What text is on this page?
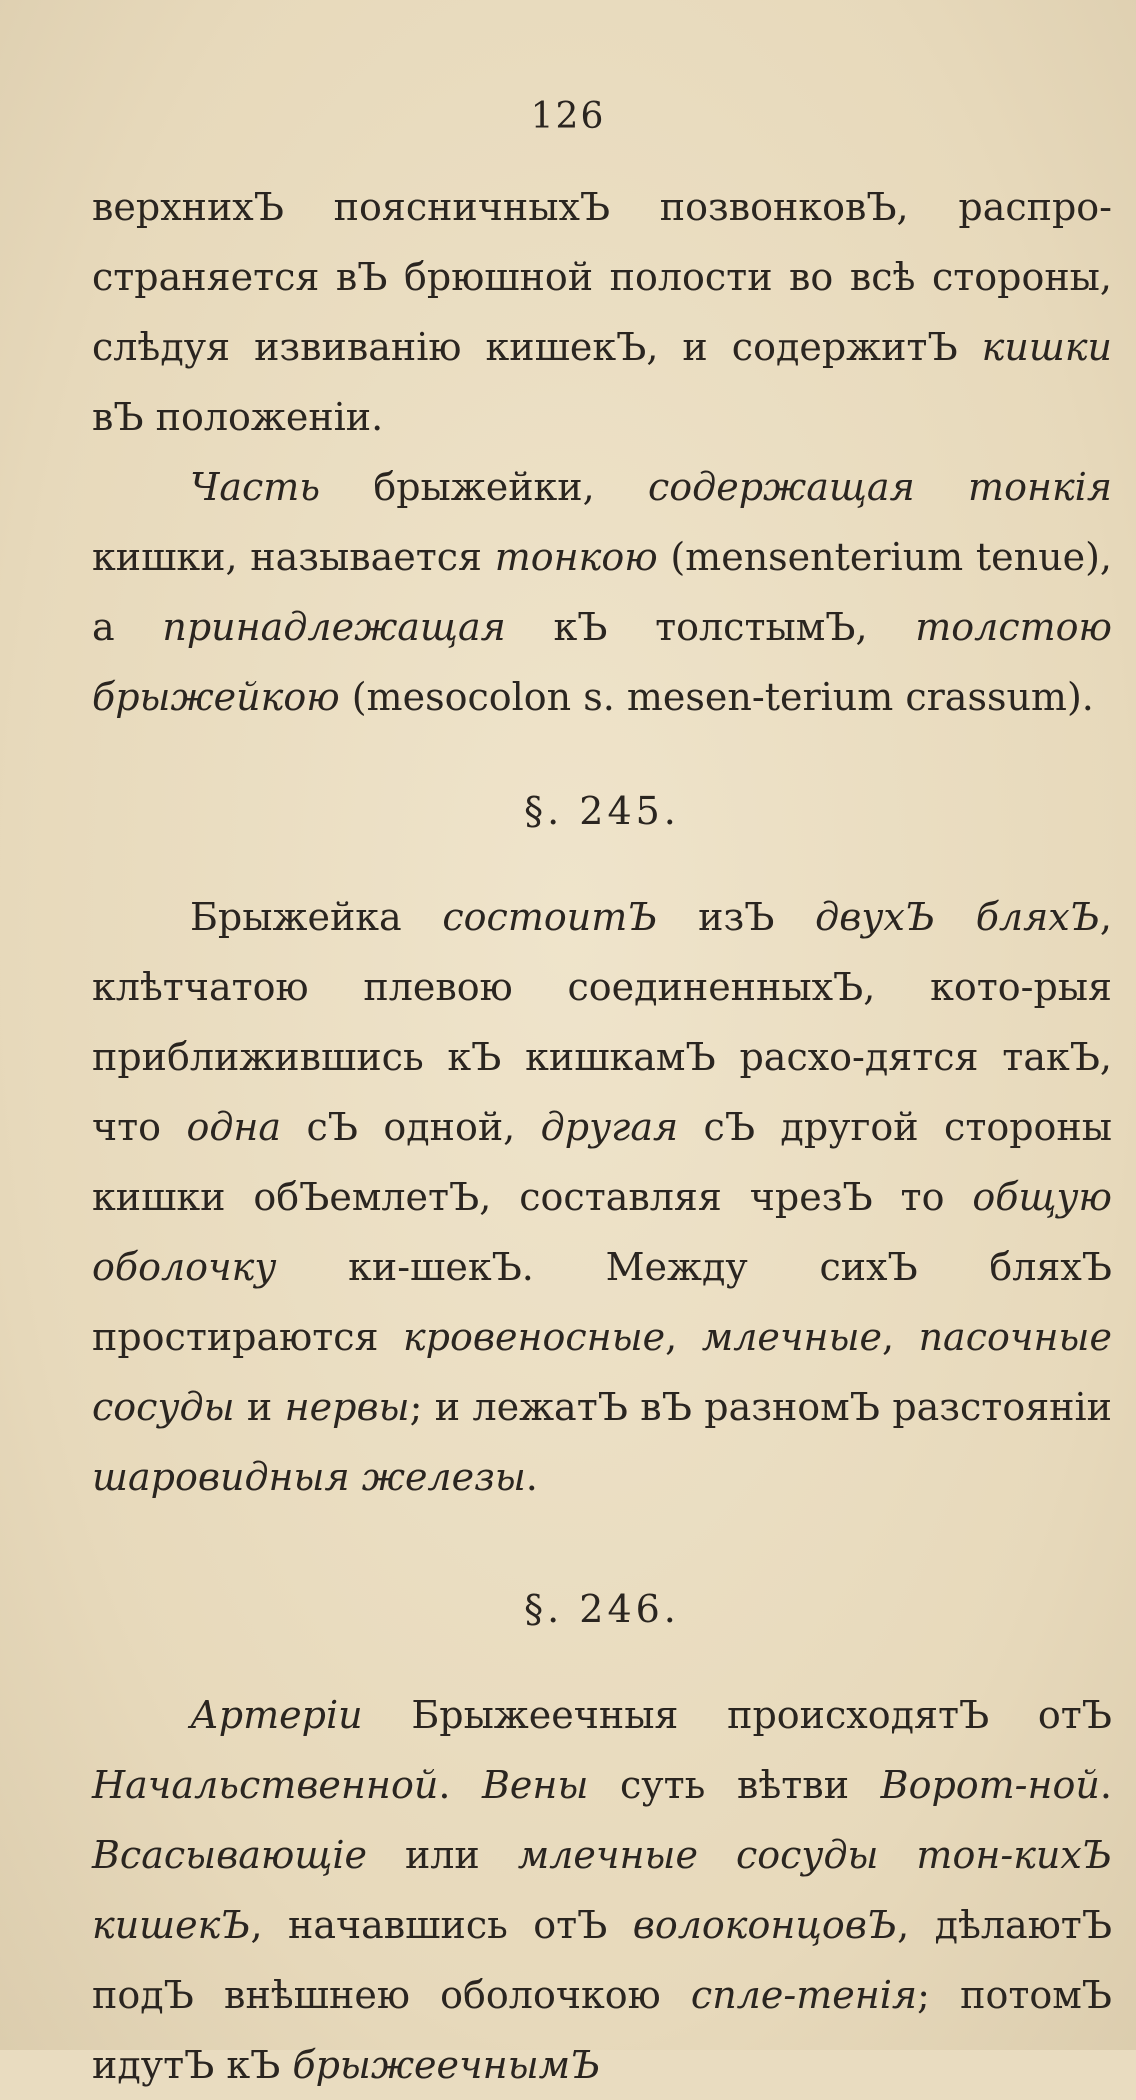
126

верхнихЪ поясничныхЪ позвонковЪ, распро-страняется вЪ брюшной полости во всѣ стороны, слѣдуя извиванію кишекЪ, и содержитЪ кишки вЪ положеніи.

Часть брыжейки, содержащая тонкія кишки, называется тонкою (mensenterium tenue), а принадлежащая кЪ толстымЪ, толстою брыжейкою (mesocolon s. mesen-terium crassum).

§. 245.

Брыжейка состоитЪ изЪ двухЪ бляхЪ, клѣтчатою плевою соединенныхЪ, кото-рыя приближившись кЪ кишкамЪ расхо-дятся такЪ, что одна сЪ одной, другая сЪ другой стороны кишки обЪемлетЪ, составляя чрезЪ то общую оболочку ки-шекЪ. Между сихЪ бляхЪ простираются кровеносные, млечные, пасочные сосуды и нервы; и лежатЪ вЪ разномЪ разстояніи шаровидныя железы.

§. 246.

Артеріи Брыжеечныя происходятЪ отЪ Начальственной. Вены суть вѣтви Ворот-ной. Всасывающіе или млечные сосуды тон-кихЪ кишекЪ, начавшись отЪ волоконцовЪ, дѣлаютЪ подЪ внѣшнею оболочкою спле-тенія; потомЪ идутЪ кЪ брыжеечнымЪ
